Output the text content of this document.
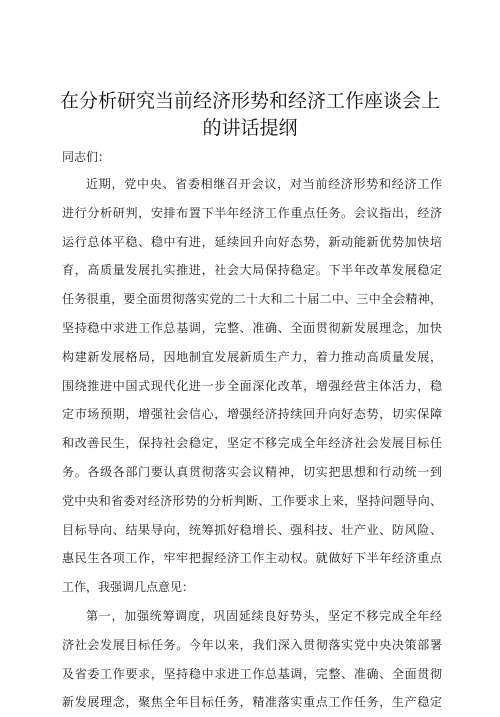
在分析研究当前经济形势和经济工作座谈会上
的讲话提纲
同志们：
近期，党中央、省委相继召开会议，对当前经济形势和经济工作
进行分析研判，安排布置下半年经济工作重点任务。会议指出，经济
运行总体平稳、稳中有进，延续回升向好态势，新动能新优势加快培
育，高质量发展扎实推进，社会大局保持稳定。下半年改革发展稳定
任务很重，要全面贯彻落实党的二十大和二十届二中、三中全会精神，
坚持稳中求进工作总基调，完整、准确、全面贯彻新发展理念，加快
构建新发展格局，因地制宜发展新质生产力，着力推动高质量发展，
围绕推进中国式现代化进一步全面深化改革，增强经营主体活力，稳
定市场预期，增强社会信心，增强经济持续回升向好态势，切实保障
和改善民生，保持社会稳定，坚定不移完成全年经济社会发展目标任
务。各级各部门要认真贯彻落实会议精神，切实把思想和行动统一到
党中央和省委对经济形势的分析判断、工作要求上来，坚持问题导向、
目标导向、结果导向，统筹抓好稳增长、强科技、壮产业、防风险、
惠民生各项工作，牢牢把握经济工作主动权。就做好下半年经济重点
工作，我强调几点意见：
第一，加强统筹调度，巩固延续良好势头，坚定不移完成全年经
济社会发展目标任务。今年以来，我们深入贯彻落实党中央决策部署
及省委工作要求，坚持稳中求进工作总基调，完整、准确、全面贯彻
新发展理念，聚焦全年目标任务，精准落实重点工作任务，生产稳定
